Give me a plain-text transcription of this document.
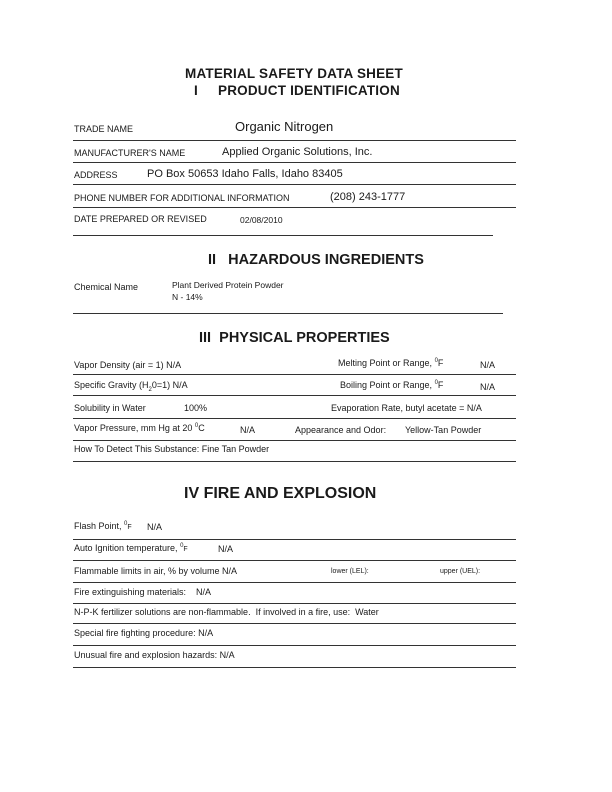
MATERIAL SAFETY DATA SHEET
I PRODUCT IDENTIFICATION
TRADE NAME	Organic Nitrogen
MANUFACTURER'S NAME	Applied Organic Solutions, Inc.
ADDRESS	PO Box 50653 Idaho Falls, Idaho 83405
PHONE NUMBER FOR ADDITIONAL INFORMATION	(208) 243-1777
DATE PREPARED OR REVISED	02/08/2010
II   HAZARDOUS INGREDIENTS
Chemical Name	Plant Derived Protein Powder
N - 14%
III  PHYSICAL PROPERTIES
Vapor Density (air = 1) N/A	Melting Point or Range, $^0$F	N/A
Specific Gravity $(H_20=1)$ N/A	Boiling Point or Range, $^0$F	N/A
Solubility in Water	100%	Evaporation Rate, butyl acetate = N/A
Vapor Pressure, mm Hg at 20 $^0$C	N/A	Appearance and Odor: Yellow-Tan Powder
How To Detect This Substance: Fine Tan Powder
IV FIRE AND EXPLOSION
Flash Point, $^0$F N/A
Auto Ignition temperature, $^0$F	N/A
Flammable limits in air, % by volume N/A	lower (LEL):	upper (UEL):
Fire extinguishing materials:    N/A
N-P-K fertilizer solutions are non-flammable.  If involved in a fire, use:  Water
Special fire fighting procedure: N/A
Unusual fire and explosion hazards: N/A
